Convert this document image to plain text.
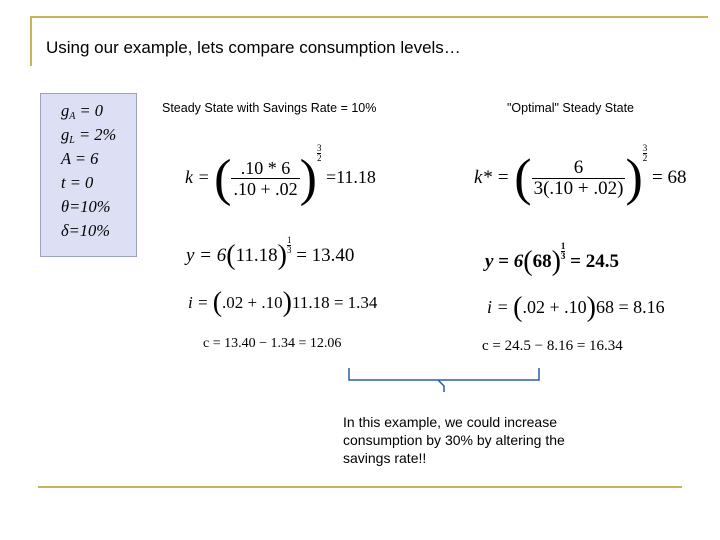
Using our example, lets compare consumption levels…
$g_A = 0$
$g_L = 2\%$
A = 6
t = 0
θ=10%
δ=10%
Steady State with Savings Rate = 10%	"Optimal" Steady State
k = ( $\frac{.10 * 6}{.10 + .02}$ ) $\frac{3}{2}$
=11.18
$y = 6(11.18) \frac{1}{3} = 13.40$
i = (.02 + .10)11.18 = 1.34
c = 13.40 − 1.34 = 12.06
k* = ( $\frac{6}{3(.10 + .02)}$ ) $\frac{3}{2}$
= 68
$y = 6(68) \frac{1}{3} = 24.5$
i = (.02 + .10)68 = 8.16
c = 24.5 − 8.16 = 16.34
In this example, we could increase consumption by 30% by altering the savings rate!!
